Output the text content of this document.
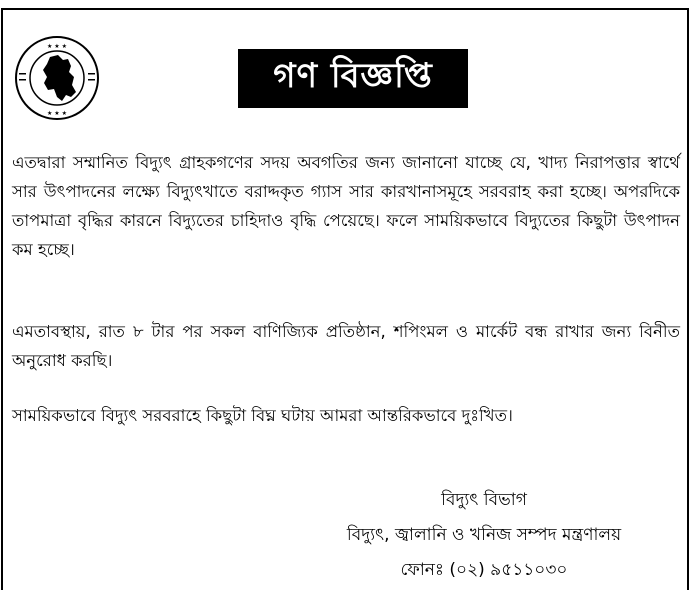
★ ★ ★
★ ★ ★
গণ বিজ্ঞপ্তি

এতদ্বারা সম্মানিত বিদ্যুৎ গ্রাহকগণের সদয় অবগতির জন্য জানানো যাচ্ছে যে, খাদ্য নিরাপত্তার স্বার্থে সার উৎপাদনের লক্ষ্যে বিদ্যুৎখাতে বরাদ্দকৃত গ্যাস সার কারখানাসমূহে সরবরাহ করা হচ্ছে। অপরদিকে তাপমাত্রা বৃদ্ধির কারনে বিদ্যুতের চাহিদাও বৃদ্ধি পেয়েছে। ফলে সাময়িকভাবে বিদ্যুতের কিছুটা উৎপাদন কম হচ্ছে।

এমতাবস্থায়, রাত ৮ টার পর সকল বাণিজ্যিক প্রতিষ্ঠান, শপিংমল ও মার্কেট বন্ধ রাখার জন্য বিনীত অনুরোধ করছি।

সাময়িকভাবে বিদ্যুৎ সরবরাহে কিছুটা বিঘ্ন ঘটায় আমরা আন্তরিকভাবে দুঃখিত।

বিদ্যুৎ বিভাগ
বিদ্যুৎ, জ্বালানি ও খনিজ সম্পদ মন্ত্রণালয়
ফোনঃ (০২) ৯৫১১০৩০
